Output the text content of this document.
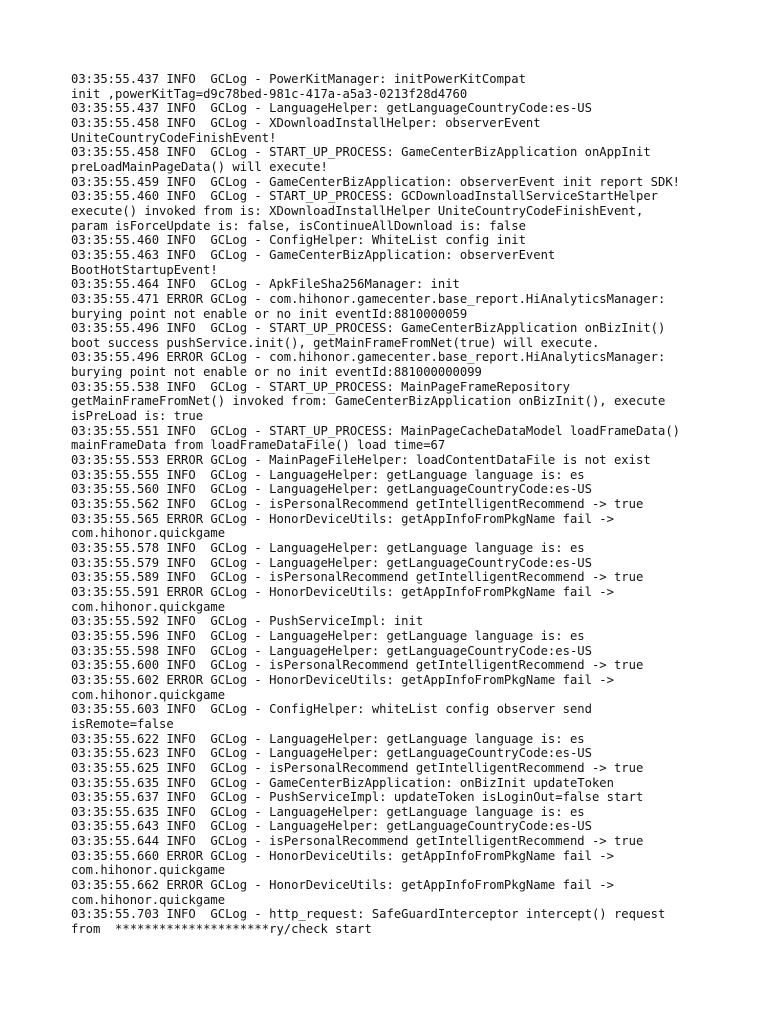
03:35:55.437 INFO  GCLog - PowerKitManager: initPowerKitCompat
init ,powerKitTag=d9c78bed-981c-417a-a5a3-0213f28d4760
03:35:55.437 INFO  GCLog - LanguageHelper: getLanguageCountryCode:es-US
03:35:55.458 INFO  GCLog - XDownloadInstallHelper: observerEvent
UniteCountryCodeFinishEvent!
03:35:55.458 INFO  GCLog - START_UP_PROCESS: GameCenterBizApplication onAppInit
preLoadMainPageData() will execute!
03:35:55.459 INFO  GCLog - GameCenterBizApplication: observerEvent init report SDK!
03:35:55.460 INFO  GCLog - START_UP_PROCESS: GCDownloadInstallServiceStartHelper
execute() invoked from is: XDownloadInstallHelper UniteCountryCodeFinishEvent,
param isForceUpdate is: false, isContinueAllDownload is: false
03:35:55.460 INFO  GCLog - ConfigHelper: WhiteList config init
03:35:55.463 INFO  GCLog - GameCenterBizApplication: observerEvent
BootHotStartupEvent!
03:35:55.464 INFO  GCLog - ApkFileSha256Manager: init
03:35:55.471 ERROR GCLog - com.hihonor.gamecenter.base_report.HiAnalyticsManager:
burying point not enable or no init eventId:8810000059
03:35:55.496 INFO  GCLog - START_UP_PROCESS: GameCenterBizApplication onBizInit()
boot success pushService.init(), getMainFrameFromNet(true) will execute.
03:35:55.496 ERROR GCLog - com.hihonor.gamecenter.base_report.HiAnalyticsManager:
burying point not enable or no init eventId:881000000099
03:35:55.538 INFO  GCLog - START_UP_PROCESS: MainPageFrameRepository
getMainFrameFromNet() invoked from: GameCenterBizApplication onBizInit(), execute
isPreLoad is: true
03:35:55.551 INFO  GCLog - START_UP_PROCESS: MainPageCacheDataModel loadFrameData()
mainFrameData from loadFrameDataFile() load time=67
03:35:55.553 ERROR GCLog - MainPageFileHelper: loadContentDataFile is not exist
03:35:55.555 INFO  GCLog - LanguageHelper: getLanguage language is: es
03:35:55.560 INFO  GCLog - LanguageHelper: getLanguageCountryCode:es-US
03:35:55.562 INFO  GCLog - isPersonalRecommend getIntelligentRecommend -> true
03:35:55.565 ERROR GCLog - HonorDeviceUtils: getAppInfoFromPkgName fail ->
com.hihonor.quickgame
03:35:55.578 INFO  GCLog - LanguageHelper: getLanguage language is: es
03:35:55.579 INFO  GCLog - LanguageHelper: getLanguageCountryCode:es-US
03:35:55.589 INFO  GCLog - isPersonalRecommend getIntelligentRecommend -> true
03:35:55.591 ERROR GCLog - HonorDeviceUtils: getAppInfoFromPkgName fail ->
com.hihonor.quickgame
03:35:55.592 INFO  GCLog - PushServiceImpl: init
03:35:55.596 INFO  GCLog - LanguageHelper: getLanguage language is: es
03:35:55.598 INFO  GCLog - LanguageHelper: getLanguageCountryCode:es-US
03:35:55.600 INFO  GCLog - isPersonalRecommend getIntelligentRecommend -> true
03:35:55.602 ERROR GCLog - HonorDeviceUtils: getAppInfoFromPkgName fail ->
com.hihonor.quickgame
03:35:55.603 INFO  GCLog - ConfigHelper: whiteList config observer send
isRemote=false
03:35:55.622 INFO  GCLog - LanguageHelper: getLanguage language is: es
03:35:55.623 INFO  GCLog - LanguageHelper: getLanguageCountryCode:es-US
03:35:55.625 INFO  GCLog - isPersonalRecommend getIntelligentRecommend -> true
03:35:55.635 INFO  GCLog - GameCenterBizApplication: onBizInit updateToken
03:35:55.637 INFO  GCLog - PushServiceImpl: updateToken isLoginOut=false start
03:35:55.635 INFO  GCLog - LanguageHelper: getLanguage language is: es
03:35:55.643 INFO  GCLog - LanguageHelper: getLanguageCountryCode:es-US
03:35:55.644 INFO  GCLog - isPersonalRecommend getIntelligentRecommend -> true
03:35:55.660 ERROR GCLog - HonorDeviceUtils: getAppInfoFromPkgName fail ->
com.hihonor.quickgame
03:35:55.662 ERROR GCLog - HonorDeviceUtils: getAppInfoFromPkgName fail ->
com.hihonor.quickgame
03:35:55.703 INFO  GCLog - http_request: SafeGuardInterceptor intercept() request
from  *********************ry/check start
